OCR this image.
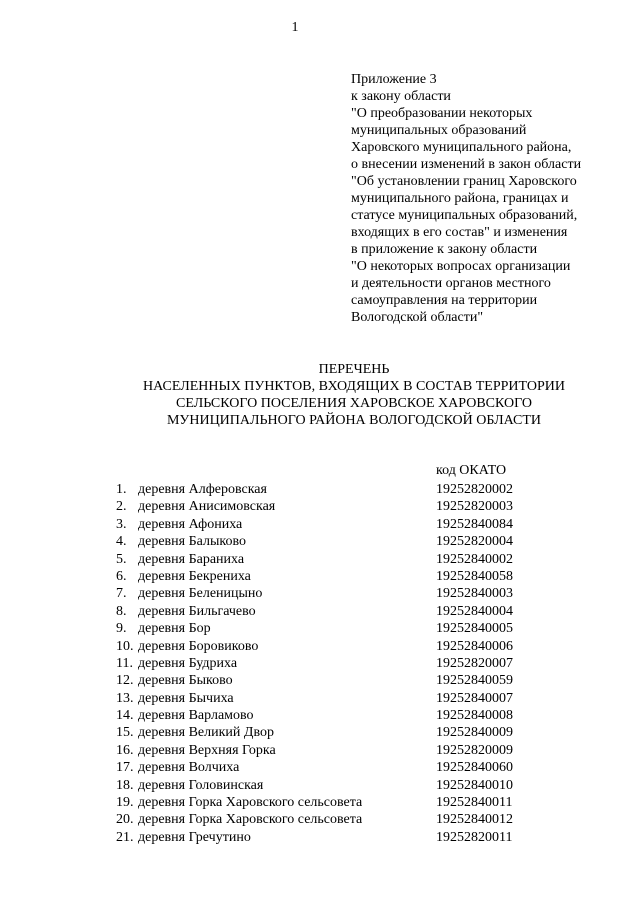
1
Приложение 3
к закону области
"О преобразовании некоторых
муниципальных образований
Харовского муниципального района,
о внесении изменений в закон области
"Об установлении границ Харовского
муниципального района, границах и
статусе муниципальных образований,
входящих в его состав" и изменения
в приложение к закону области
"О некоторых вопросах организации
и деятельности органов местного
самоуправления на территории
Вологодской области"
ПЕРЕЧЕНЬ
НАСЕЛЕННЫХ ПУНКТОВ, ВХОДЯЩИХ В СОСТАВ ТЕРРИТОРИИ
СЕЛЬСКОГО ПОСЕЛЕНИЯ ХАРОВСКОЕ ХАРОВСКОГО
МУНИЦИПАЛЬНОГО РАЙОНА ВОЛОГОДСКОЙ ОБЛАСТИ
код ОКАТО
1. деревня Алферовская	19252820002
2. деревня Анисимовская	19252820003
3. деревня Афониха	19252840084
4. деревня Балыково	19252820004
5. деревня Барaниха	19252840002
6. деревня Бекрениха	19252840058
7. деревня Беленицыно	19252840003
8. деревня Бильгачево	19252840004
9. деревня Бор	19252840005
10. деревня Боровиково	19252840006
11. деревня Будриха	19252820007
12. деревня Быково	19252840059
13. деревня Бычиха	19252840007
14. деревня Варламово	19252840008
15. деревня Великий Двор	19252840009
16. деревня Верхняя Горка	19252820009
17. деревня Волчиха	19252840060
18. деревня Головинская	19252840010
19. деревня Горка Харовского сельсовета	19252840011
20. деревня Горка Харовского сельсовета	19252840012
21. деревня Гречутино	19252820011
